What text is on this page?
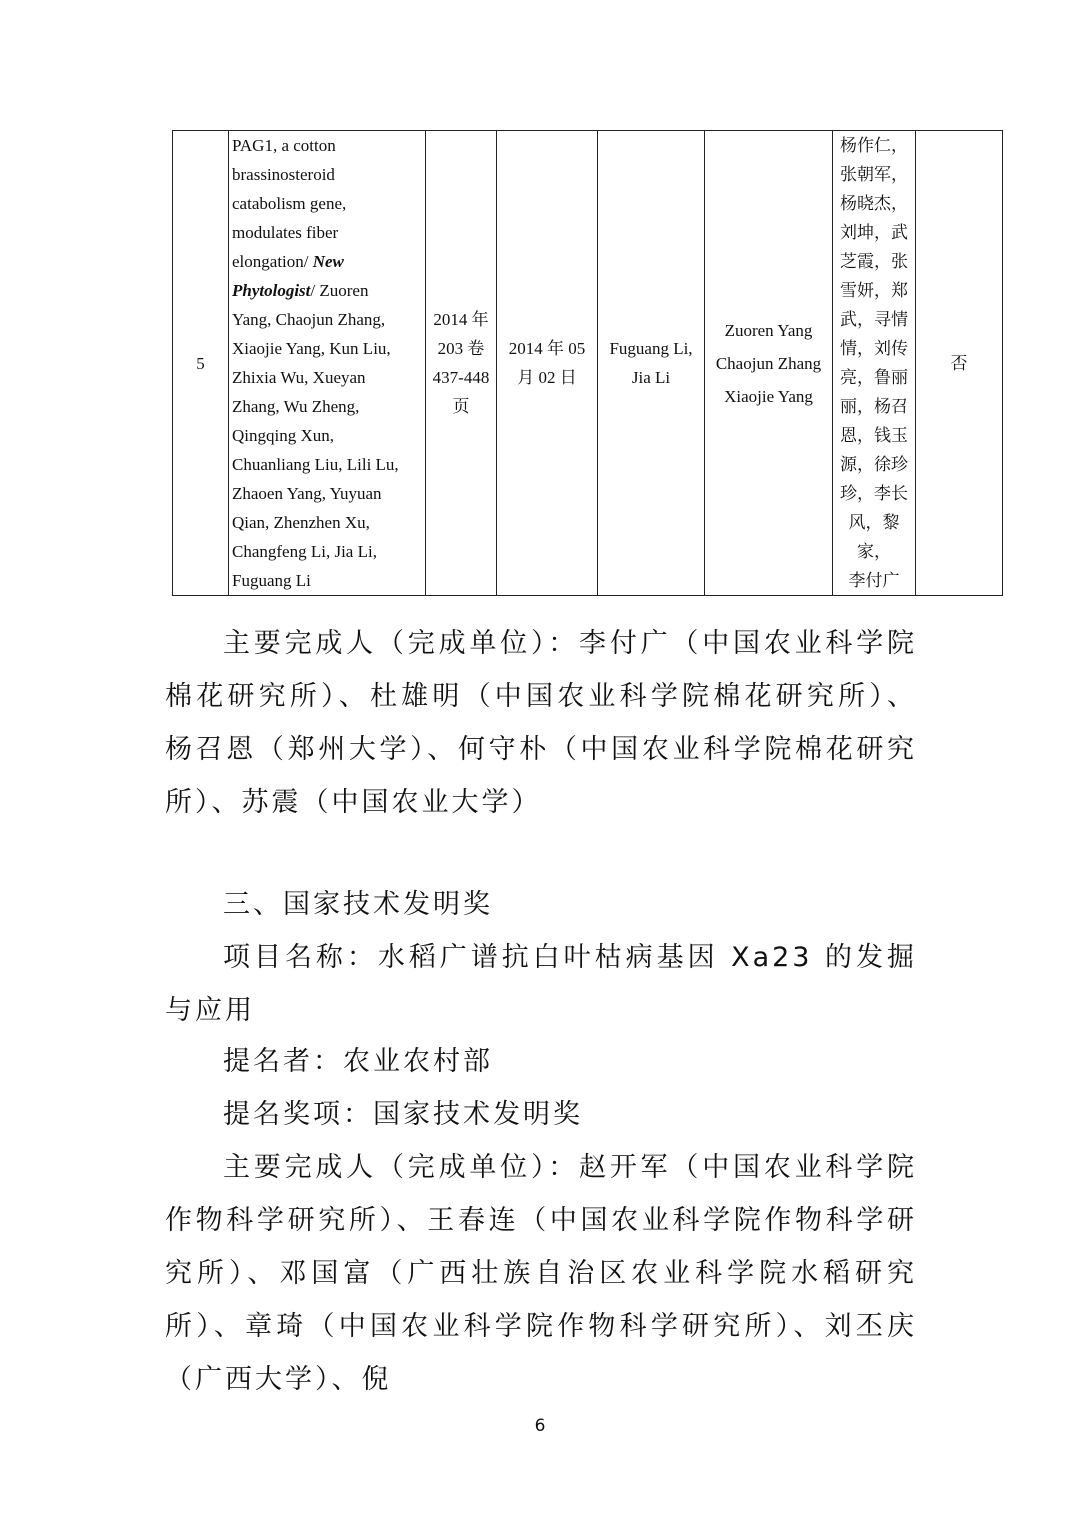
5	
PAG1, a cotton
brassinosteroid
catabolism gene,
modulates fiber
elongation/ New
Phytologist/ Zuoren
Yang, Chaojun Zhang,
Xiaojie Yang, Kun Liu,
Zhixia Wu, Xueyan
Zhang, Wu Zheng,
Qingqing Xun,
Chuanliang Liu, Lili Lu,
Zhaoen Yang, Yuyuan
Qian, Zhenzhen Xu,
Changfeng Li, Jia Li,
Fuguang Li

2014 年
203 卷
437-448
页

2014 年 05
月 02 日

Fuguang Li,
Jia Li

Zuoren Yang
Chaojun Zhang
Xiaojie Yang

杨作仁，
张朝军，
杨晓杰，
刘坤，武
芝霞，张
雪妍，郑
武，寻情
情，刘传
亮，鲁丽
丽，杨召
恩，钱玉
源，徐珍
珍，李长
风，黎家，
李付广
	否

主要完成人（完成单位）：李付广（中国农业科学院棉花研究所）、杜雄明（中国农业科学院棉花研究所）、杨召恩（郑州大学）、何守朴（中国农业科学院棉花研究所）、苏震（中国农业大学）

三、国家技术发明奖

项目名称：水稻广谱抗白叶枯病基因 Xa23 的发掘与应用

提名者：农业农村部

提名奖项：国家技术发明奖

主要完成人（完成单位）：赵开军（中国农业科学院作物科学研究所）、王春连（中国农业科学院作物科学研究所）、邓国富（广西壮族自治区农业科学院水稻研究所）、章琦（中国农业科学院作物科学研究所）、刘丕庆（广西大学）、倪

6
